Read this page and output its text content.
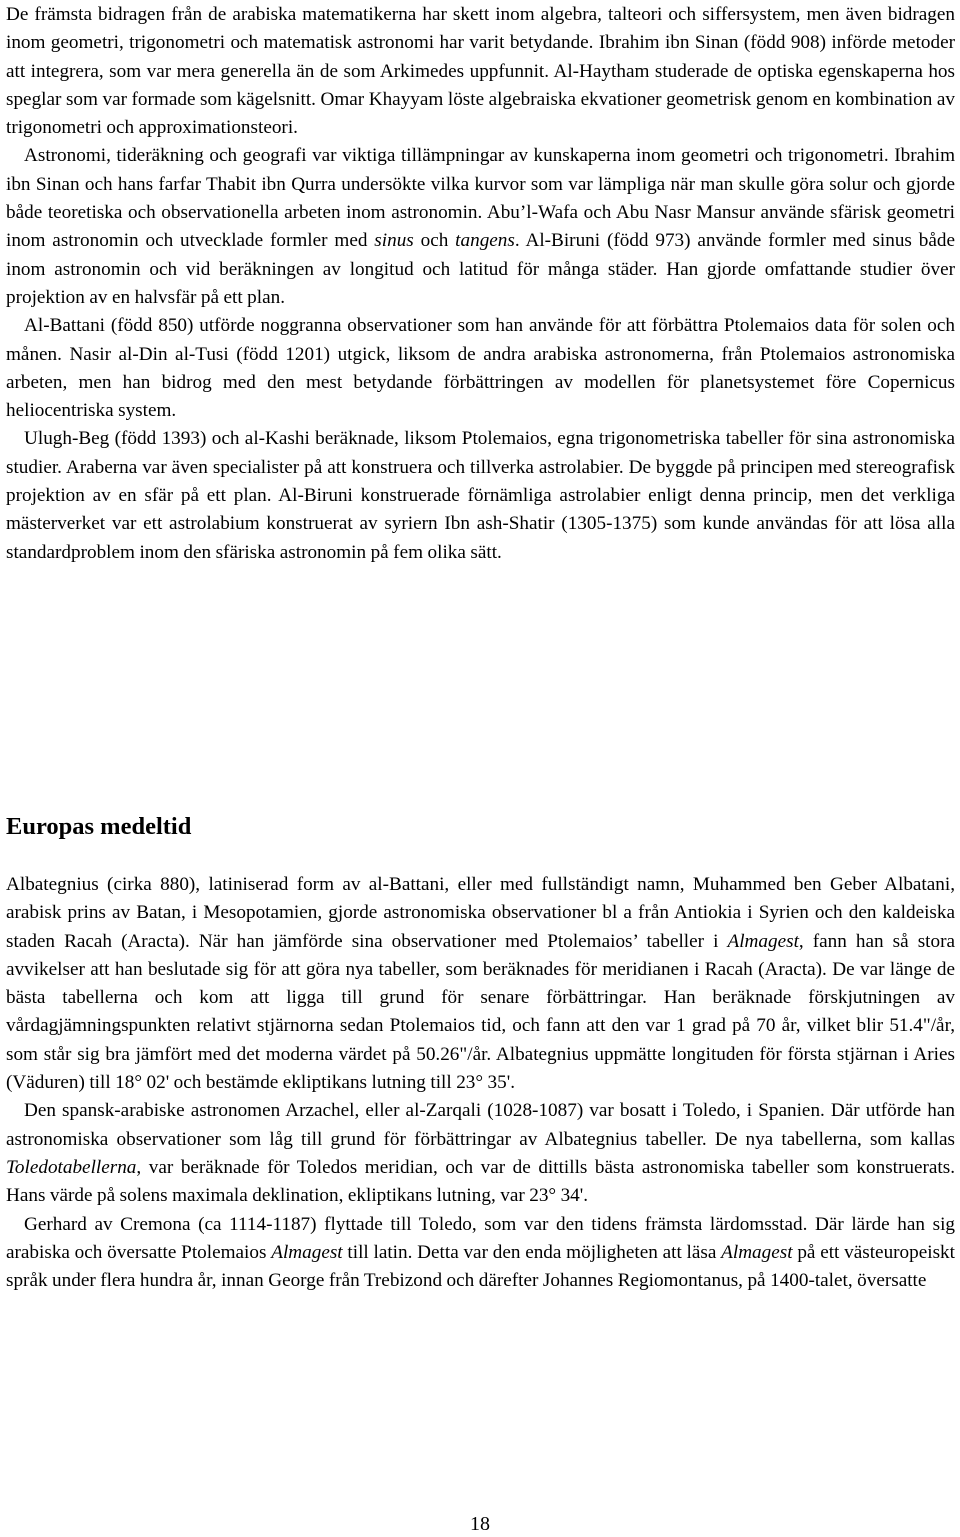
De främsta bidragen från de arabiska matematikerna har skett inom algebra, talteori och siffersystem, men även bidragen inom geometri, trigonometri och matematisk astronomi har varit betydande. Ibrahim ibn Sinan (född 908) införde metoder att integrera, som var mera generella än de som Arkimedes uppfunnit. Al-Haytham studerade de optiska egenskaperna hos speglar som var formade som kägelsnitt. Omar Khayyam löste algebraiska ekvationer geometrisk genom en kombination av trigonometri och approximationsteori.

Astronomi, tideräkning och geografi var viktiga tillämpningar av kunskaperna inom geometri och trigonometri. Ibrahim ibn Sinan och hans farfar Thabit ibn Qurra undersökte vilka kurvor som var lämpliga när man skulle göra solur och gjorde både teoretiska och observationella arbeten inom astronomin. Abu’l-Wafa och Abu Nasr Mansur använde sfärisk geometri inom astronomin och utvecklade formler med sinus och tangens. Al-Biruni (född 973) använde formler med sinus både inom astronomin och vid beräkningen av longitud och latitud för många städer. Han gjorde omfattande studier över projektion av en halvsfär på ett plan.

Al-Battani (född 850) utförde noggranna observationer som han använde för att förbättra Ptolemaios data för solen och månen. Nasir al-Din al-Tusi (född 1201) utgick, liksom de andra arabiska astronomerna, från Ptolemaios astronomiska arbeten, men han bidrog med den mest betydande förbättringen av modellen för planetsystemet före Copernicus heliocentriska system.

Ulugh-Beg (född 1393) och al-Kashi beräknade, liksom Ptolemaios, egna trigonometriska tabeller för sina astronomiska studier. Araberna var även specialister på att konstruera och tillverka astrolabier. De byggde på principen med stereografisk projektion av en sfär på ett plan. Al-Biruni konstruerade förnämliga astrolabier enligt denna princip, men det verkliga mästerverket var ett astrolabium konstruerat av syriern Ibn ash-Shatir (1305-1375) som kunde användas för att lösa alla standardproblem inom den sfäriska astronomin på fem olika sätt.

Europas medeltid

Albategnius (cirka 880), latiniserad form av al-Battani, eller med fullständigt namn, Muhammed ben Geber Albatani, arabisk prins av Batan, i Mesopotamien, gjorde astronomiska observationer bl a från Antiokia i Syrien och den kaldeiska staden Racah (Aracta). När han jämförde sina observationer med Ptolemaios’ tabeller i Almagest, fann han så stora avvikelser att han beslutade sig för att göra nya tabeller, som beräknades för meridianen i Racah (Aracta). De var länge de bästa tabellerna och kom att ligga till grund för senare förbättringar. Han beräknade förskjutningen av vårdagjämningspunkten relativt stjärnorna sedan Ptolemaios tid, och fann att den var 1 grad på 70 år, vilket blir 51.4"/år, som står sig bra jämfört med det moderna värdet på 50.26"/år. Albategnius uppmätte longituden för första stjärnan i Aries (Väduren) till 18° 02' och bestämde ekliptikans lutning till 23° 35'.

Den spansk-arabiske astronomen Arzachel, eller al-Zarqali (1028-1087) var bosatt i Toledo, i Spanien. Där utförde han astronomiska observationer som låg till grund för förbättringar av Albategnius tabeller. De nya tabellerna, som kallas Toledotabellerna, var beräknade för Toledos meridian, och var de dittills bästa astronomiska tabeller som konstruerats. Hans värde på solens maximala deklination, ekliptikans lutning, var 23° 34'.

Gerhard av Cremona (ca 1114-1187) flyttade till Toledo, som var den tidens främsta lärdomsstad. Där lärde han sig arabiska och översatte Ptolemaios Almagest till latin. Detta var den enda möjligheten att läsa Almagest på ett västeuropeiskt språk under flera hundra år, innan George från Trebizond och därefter Johannes Regiomontanus, på 1400-talet, översatte

18
